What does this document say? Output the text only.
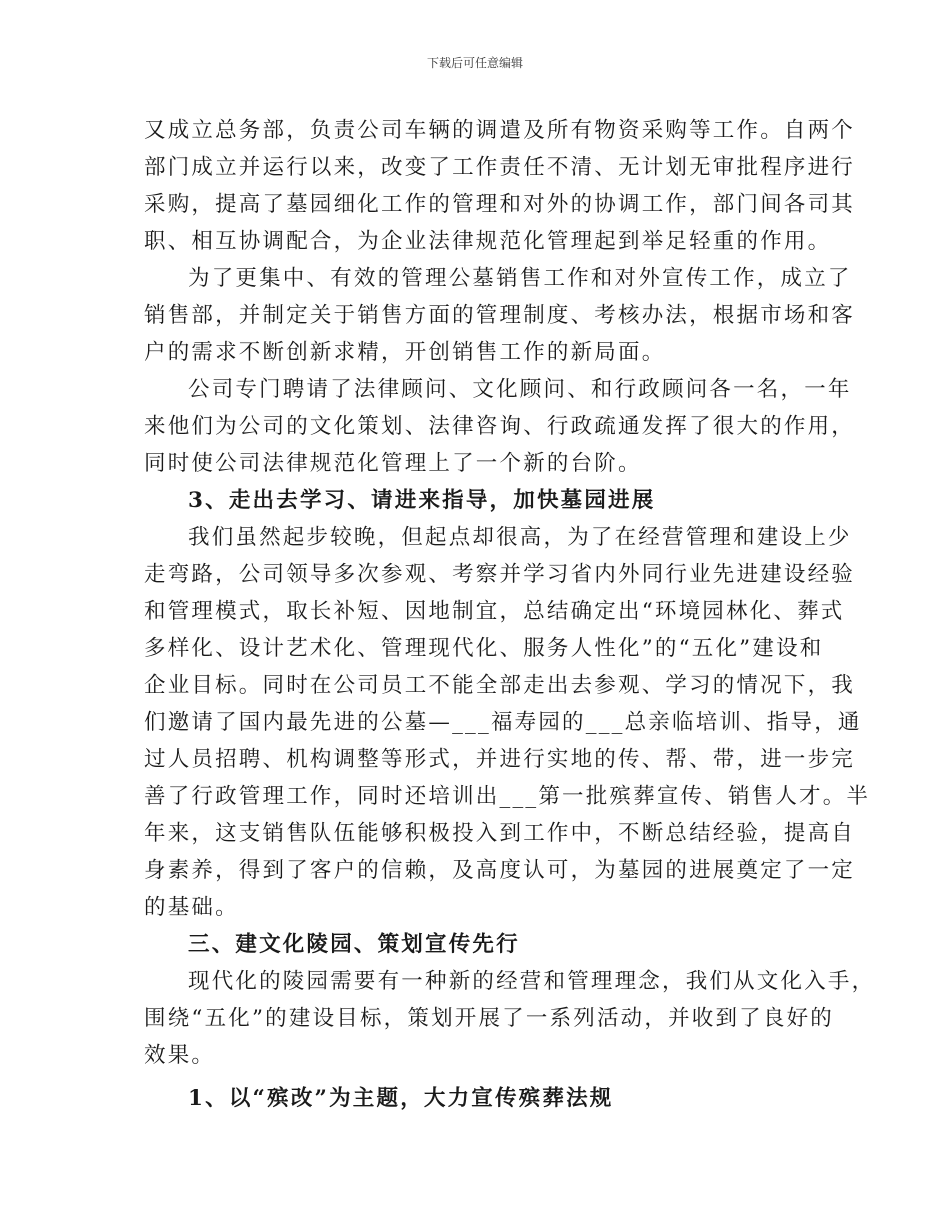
下载后可任意编辑
又成立总务部，负责公司车辆的调遣及所有物资采购等工作。自两个
部门成立并运行以来，改变了工作责任不清、无计划无审批程序进行
采购，提高了墓园细化工作的管理和对外的协调工作，部门间各司其
职、相互协调配合，为企业法律规范化管理起到举足轻重的作用。
为了更集中、有效的管理公墓销售工作和对外宣传工作，成立了
销售部，并制定关于销售方面的管理制度、考核办法，根据市场和客
户的需求不断创新求精，开创销售工作的新局面。
公司专门聘请了法律顾问、文化顾问、和行政顾问各一名，一年
来他们为公司的文化策划、法律咨询、行政疏通发挥了很大的作用，
同时使公司法律规范化管理上了一个新的台阶。
3、走出去学习、请进来指导，加快墓园进展
我们虽然起步较晚，但起点却很高，为了在经营管理和建设上少
走弯路，公司领导多次参观、考察并学习省内外同行业先进建设经验
和管理模式，取长补短、因地制宜，总结确定出“环境园林化、葬式
多样化、设计艺术化、管理现代化、服务人性化”的“五化”建设和
企业目标。同时在公司员工不能全部走出去参观、学习的情况下，我
们邀请了国内最先进的公墓—___福寿园的___总亲临培训、指导，通
过人员招聘、机构调整等形式，并进行实地的传、帮、带，进一步完
善了行政管理工作，同时还培训出___第一批殡葬宣传、销售人才。半
年来，这支销售队伍能够积极投入到工作中，不断总结经验，提高自
身素养，得到了客户的信赖，及高度认可，为墓园的进展奠定了一定
的基础。
三、建文化陵园、策划宣传先行
现代化的陵园需要有一种新的经营和管理理念，我们从文化入手，
围绕“五化”的建设目标，策划开展了一系列活动，并收到了良好的
效果。
1、以“殡改”为主题，大力宣传殡葬法规
